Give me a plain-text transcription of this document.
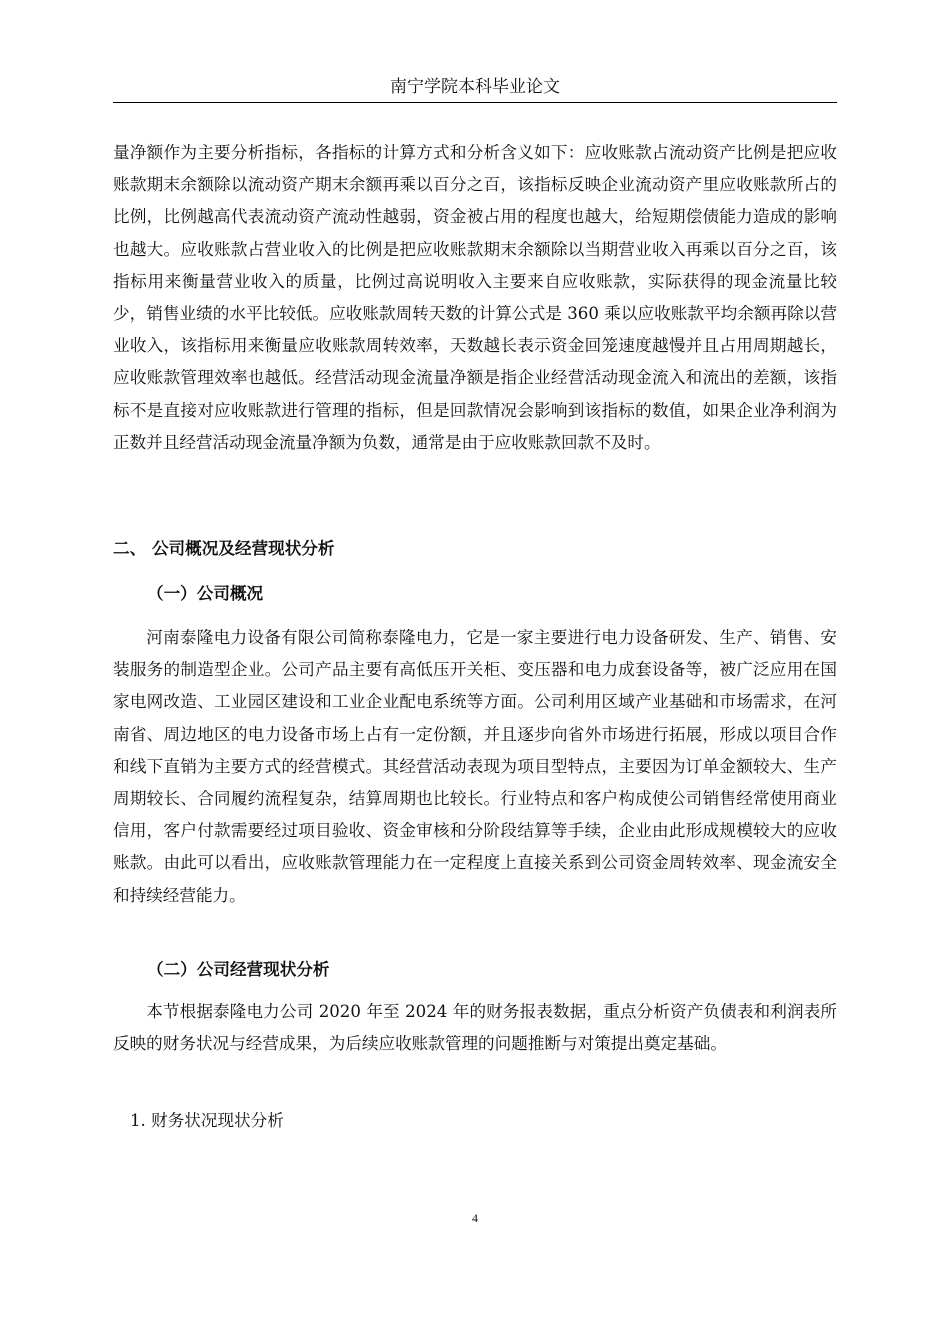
南宁学院本科毕业论文

量净额作为主要分析指标，各指标的计算方式和分析含义如下：应收账款占流动资产比例是把应收账款期末余额除以流动资产期末余额再乘以百分之百，该指标反映企业流动资产里应收账款所占的比例，比例越高代表流动资产流动性越弱，资金被占用的程度也越大，给短期偿债能力造成的影响也越大。应收账款占营业收入的比例是把应收账款期末余额除以当期营业收入再乘以百分之百，该指标用来衡量营业收入的质量，比例过高说明收入主要来自应收账款，实际获得的现金流量比较少，销售业绩的水平比较低。应收账款周转天数的计算公式是 360 乘以应收账款平均余额再除以营业收入，该指标用来衡量应收账款周转效率，天数越长表示资金回笼速度越慢并且占用周期越长，应收账款管理效率也越低。经营活动现金流量净额是指企业经营活动现金流入和流出的差额，该指标不是直接对应收账款进行管理的指标，但是回款情况会影响到该指标的数值，如果企业净利润为正数并且经营活动现金流量净额为负数，通常是由于应收账款回款不及时。

二、 公司概况及经营现状分析
（一）公司概况

河南泰隆电力设备有限公司简称泰隆电力，它是一家主要进行电力设备研发、生产、销售、安装服务的制造型企业。公司产品主要有高低压开关柜、变压器和电力成套设备等，被广泛应用在国家电网改造、工业园区建设和工业企业配电系统等方面。公司利用区域产业基础和市场需求，在河南省、周边地区的电力设备市场上占有一定份额，并且逐步向省外市场进行拓展，形成以项目合作和线下直销为主要方式的经营模式。其经营活动表现为项目型特点，主要因为订单金额较大、生产周期较长、合同履约流程复杂，结算周期也比较长。行业特点和客户构成使公司销售经常使用商业信用，客户付款需要经过项目验收、资金审核和分阶段结算等手续，企业由此形成规模较大的应收账款。由此可以看出，应收账款管理能力在一定程度上直接关系到公司资金周转效率、现金流安全和持续经营能力。

（二）公司经营现状分析

本节根据泰隆电力公司 2020 年至 2024 年的财务报表数据，重点分析资产负债表和利润表所反映的财务状况与经营成果，为后续应收账款管理的问题推断与对策提出奠定基础。

1. 财务状况现状分析
4
